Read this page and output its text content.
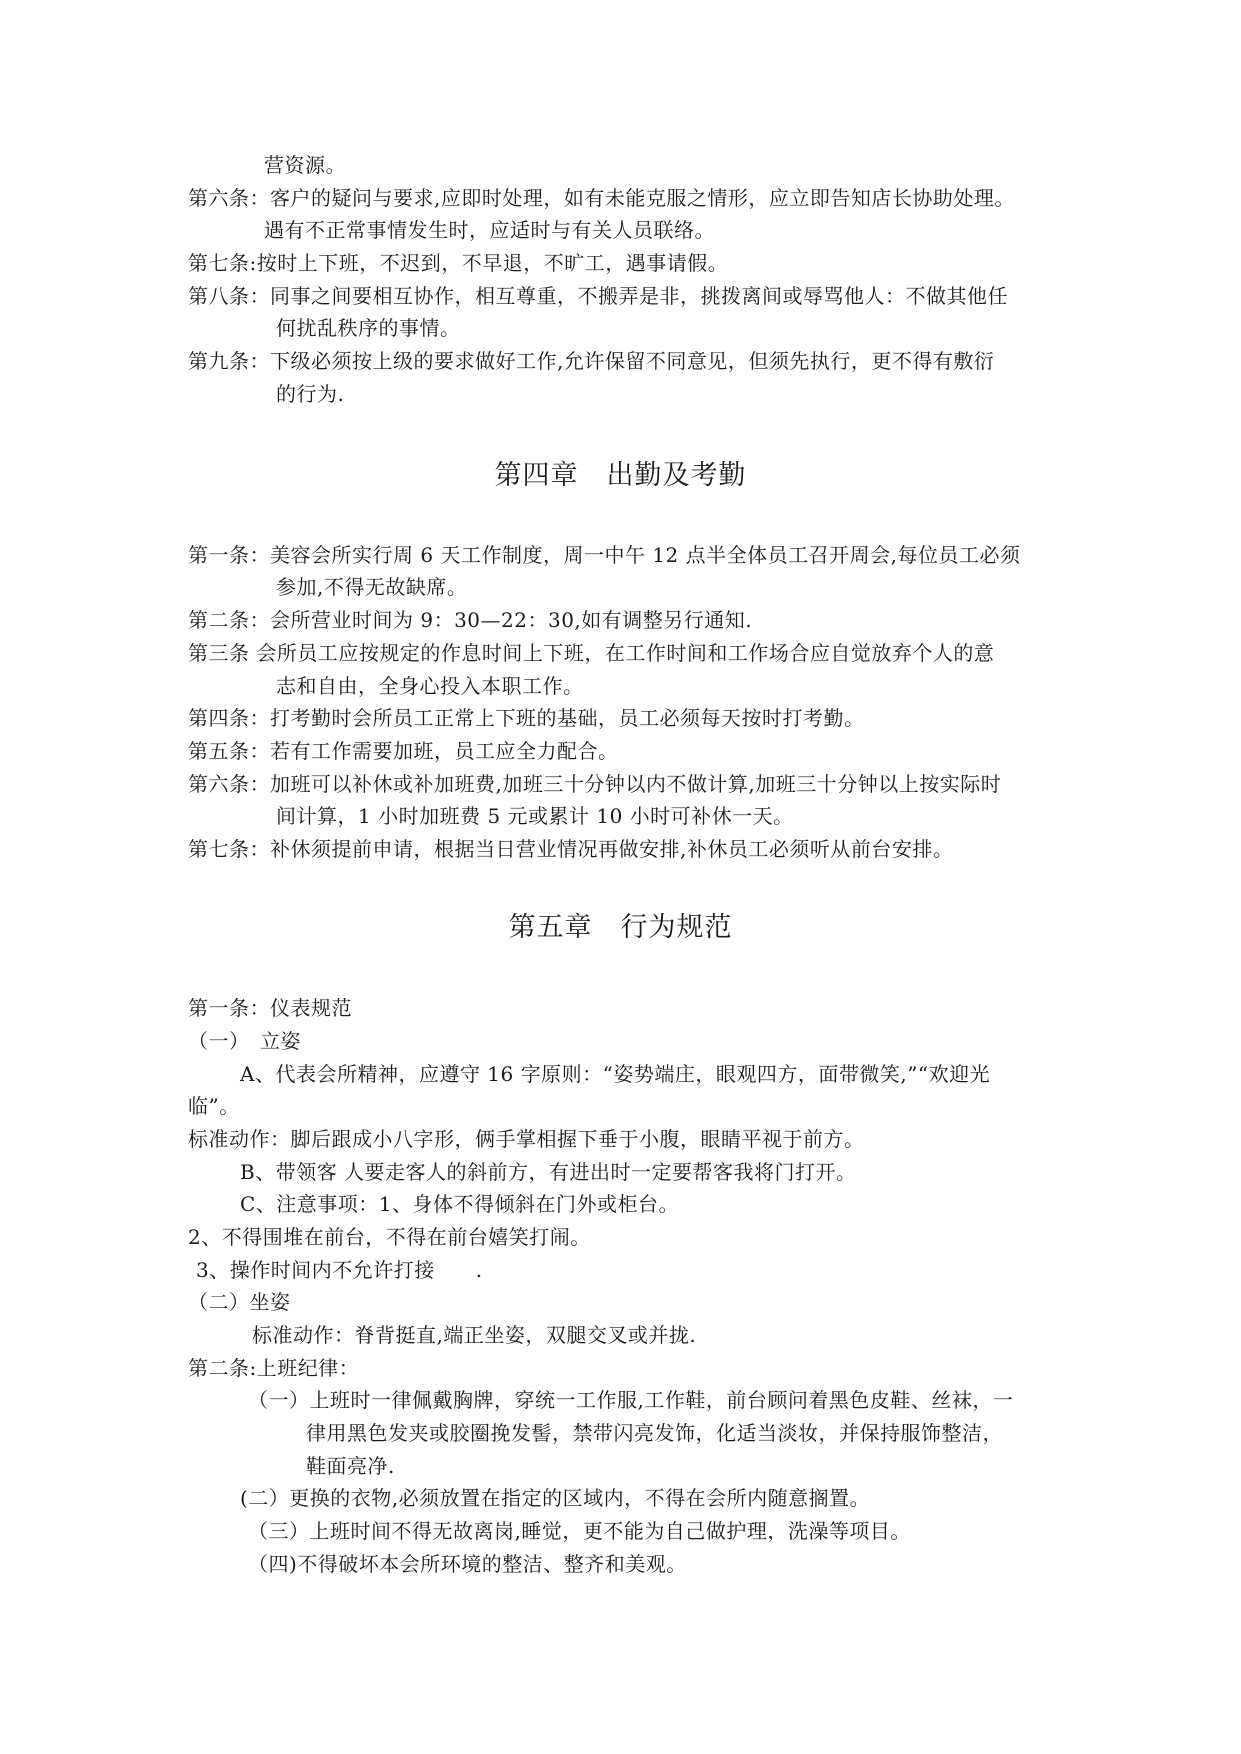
营资源。
第六条：客户的疑问与要求,应即时处理，如有未能克服之情形，应立即告知店长协助处理。
遇有不正常事情发生时，应适时与有关人员联络。
第七条:按时上下班，不迟到，不早退，不旷工，遇事请假。
第八条：同事之间要相互协作，相互尊重，不搬弄是非，挑拨离间或辱骂他人：不做其他任
何扰乱秩序的事情。
第九条：下级必须按上级的要求做好工作,允许保留不同意见，但须先执行，更不得有敷衍
的行为.
第四章　出勤及考勤
第一条：美容会所实行周 6 天工作制度，周一中午 12 点半全体员工召开周会,每位员工必须
参加,不得无故缺席。
第二条：会所营业时间为 9：30—22：30,如有调整另行通知.
第三条 会所员工应按规定的作息时间上下班，在工作时间和工作场合应自觉放弃个人的意
志和自由，全身心投入本职工作。
第四条：打考勤时会所员工正常上下班的基础，员工必须每天按时打考勤。
第五条：若有工作需要加班，员工应全力配合。
第六条：加班可以补休或补加班费,加班三十分钟以内不做计算,加班三十分钟以上按实际时
间计算，1 小时加班费 5 元或累计 10 小时可补休一天。
第七条：补休须提前申请，根据当日营业情况再做安排,补休员工必须听从前台安排。
第五章　行为规范
第一条：仪表规范
（一）　立姿
A、代表会所精神，应遵守 16 字原则：“姿势端庄，眼观四方，面带微笑,”“欢迎光
临”。
标准动作：脚后跟成小八字形，俩手掌相握下垂于小腹，眼睛平视于前方。
B、带领客 人要走客人的斜前方，有进出时一定要帮客我将门打开。
C、注意事项：1、身体不得倾斜在门外或柜台。
2、不得围堆在前台，不得在前台嬉笑打闹。
3、操作时间内不允许打接　　.
（二）坐姿
标准动作：脊背挺直,端正坐姿，双腿交叉或并拢.
第二条:上班纪律：
（一）上班时一律佩戴胸牌，穿统一工作服,工作鞋，前台顾问着黑色皮鞋、丝袜，一
律用黑色发夹或胶圈挽发髻，禁带闪亮发饰，化适当淡妆，并保持服饰整洁，
鞋面亮净.
(二）更换的衣物,必须放置在指定的区域内，不得在会所内随意搁置。
（三）上班时间不得无故离岗,睡觉，更不能为自己做护理，洗澡等项目。
（四)不得破坏本会所环境的整洁、整齐和美观。
